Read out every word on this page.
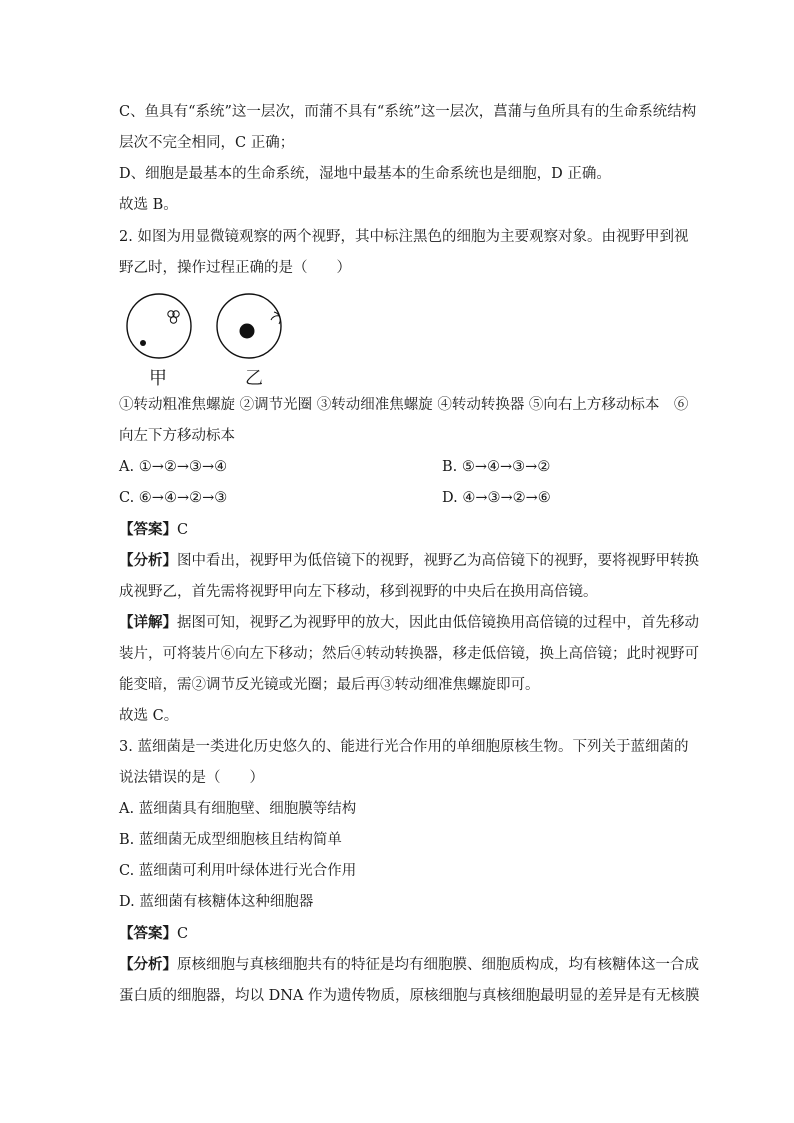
C、鱼具有“系统”这一层次，而蒲不具有“系统”这一层次，菖蒲与鱼所具有的生命系统结构
层次不完全相同，C 正确；
D、细胞是最基本的生命系统，湿地中最基本的生命系统也是细胞，D 正确。
故选 B。
2. 如图为用显微镜观察的两个视野，其中标注黑色的细胞为主要观察对象。由视野甲到视
野乙时，操作过程正确的是（　　）
甲	乙
①转动粗准焦螺旋 ②调节光圈 ③转动细准焦螺旋 ④转动转换器 ⑤向右上方移动标本　⑥
向左下方移动标本
A. ①→②→③→④	B. ⑤→④→③→②
C. ⑥→④→②→③	D. ④→③→②→⑥
【答案】C
【分析】图中看出，视野甲为低倍镜下的视野，视野乙为高倍镜下的视野，要将视野甲转换
成视野乙，首先需将视野甲向左下移动，移到视野的中央后在换用高倍镜。
【详解】据图可知，视野乙为视野甲的放大，因此由低倍镜换用高倍镜的过程中，首先移动
装片，可将装片⑥向左下移动；然后④转动转换器，移走低倍镜，换上高倍镜；此时视野可
能变暗，需②调节反光镜或光圈；最后再③转动细准焦螺旋即可。
故选 C。
3. 蓝细菌是一类进化历史悠久的、能进行光合作用的单细胞原核生物。下列关于蓝细菌的
说法错误的是（　　）
A. 蓝细菌具有细胞壁、细胞膜等结构
B. 蓝细菌无成型细胞核且结构简单
C. 蓝细菌可利用叶绿体进行光合作用
D. 蓝细菌有核糖体这种细胞器
【答案】C
【分析】原核细胞与真核细胞共有的特征是均有细胞膜、细胞质构成，均有核糖体这一合成
蛋白质的细胞器，均以 DNA 作为遗传物质，原核细胞与真核细胞最明显的差异是有无核膜
